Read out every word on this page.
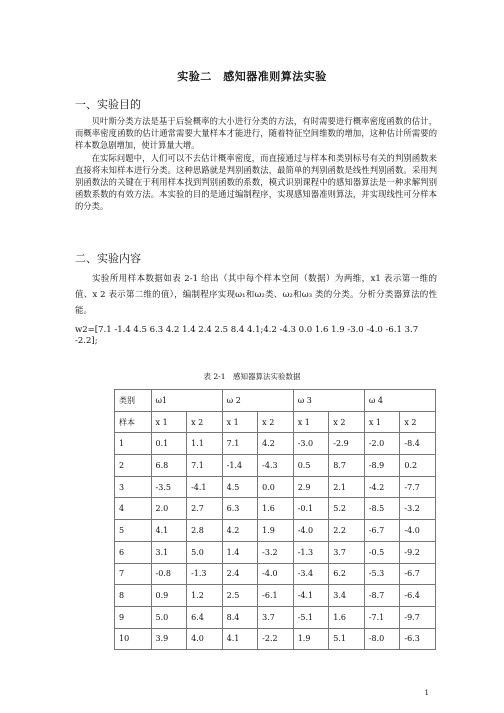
实验二　感知器准则算法实验
一、实验目的

贝叶斯分类方法是基于后验概率的大小进行分类的方法，有时需要进行概率密度函数的估计，而概率密度函数的估计通常需要大量样本才能进行，随着特征空间维数的增加，这种估计所需要的样本数急剧增加，使计算量大增。

在实际问题中，人们可以不去估计概率密度，而直接通过与样本和类别标号有关的判别函数来直接将未知样本进行分类。这种思路就是判别函数法，最简单的判别函数是线性判别函数。采用判别函数法的关键在于利用样本找到判别函数的系数，模式识别课程中的感知器算法是一种求解判别函数系数的有效方法。本实验的目的是通过编制程序，实现感知器准则算法，并实现线性可分样本的分类。

二、实验内容

实验所用样本数据如表 2-1 给出（其中每个样本空间（数据）为两维，x1 表示第一维的值、x 2 表示第二维的值），编制程序实现ω₁和ω₂类、ω₂和ω₃ 类的分类。分析分类器算法的性能。

w2=[7.1 -1.4 4.5 6.3 4.2 1.4 2.4 2.5 8.4 4.1;4.2 -4.3 0.0 1.6 1.9 -3.0 -4.0 -6.1 3.7 -2.2];
表 2-1　感知器算法实验数据
类别	ω1		ω 2		ω 3		ω 4	
样本	x 1	x 2	x 1	x 2	x 1	x 2	x 1	x 2
1	0.1	1.1	7.1	4.2	-3.0	-2.9	-2.0	-8.4
2	6.8	7.1	-1.4	-4.3	0.5	8.7	-8.9	0.2
3	-3.5	-4.1	4.5	0.0	2.9	2.1	-4.2	-7.7
4	2.0	2.7	6.3	1.6	-0.1	5.2	-8.5	-3.2
5	4.1	2.8	4.2	1.9	-4.0	2.2	-6.7	-4.0
6	3.1	5.0	1.4	-3.2	-1.3	3.7	-0.5	-9.2
7	-0.8	-1.3	2.4	-4.0	-3.4	6.2	-5.3	-6.7
8	0.9	1.2	2.5	-6.1	-4.1	3.4	-8.7	-6.4
9	5.0	6.4	8.4	3.7	-5.1	1.6	-7.1	-9.7
10	3.9	4.0	4.1	-2.2	1.9	5.1	-8.0	-6.3
1
